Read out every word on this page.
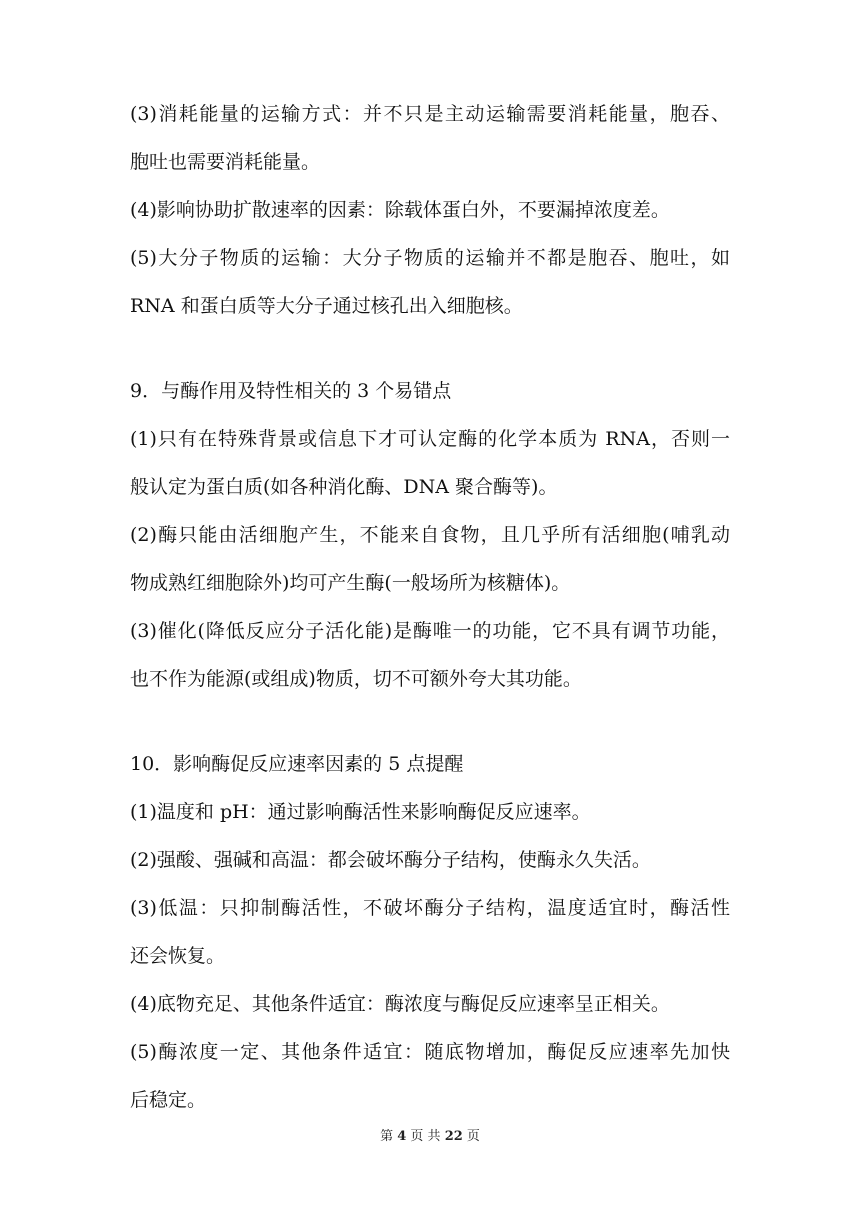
(3)消耗能量的运输方式：并不只是主动运输需要消耗能量，胞吞、

胞吐也需要消耗能量。

(4)影响协助扩散速率的因素：除载体蛋白外，不要漏掉浓度差。

(5)大分子物质的运输：大分子物质的运输并不都是胞吞、胞吐，如

RNA 和蛋白质等大分子通过核孔出入细胞核。

9．与酶作用及特性相关的 3 个易错点

(1)只有在特殊背景或信息下才可认定酶的化学本质为 RNA，否则一

般认定为蛋白质(如各种消化酶、DNA 聚合酶等)。

(2)酶只能由活细胞产生，不能来自食物，且几乎所有活细胞(哺乳动

物成熟红细胞除外)均可产生酶(一般场所为核糖体)。

(3)催化(降低反应分子活化能)是酶唯一的功能，它不具有调节功能，

也不作为能源(或组成)物质，切不可额外夸大其功能。

10．影响酶促反应速率因素的 5 点提醒

(1)温度和 pH：通过影响酶活性来影响酶促反应速率。

(2)强酸、强碱和高温：都会破坏酶分子结构，使酶永久失活。

(3)低温：只抑制酶活性，不破坏酶分子结构，温度适宜时，酶活性

还会恢复。

(4)底物充足、其他条件适宜：酶浓度与酶促反应速率呈正相关。

(5)酶浓度一定、其他条件适宜：随底物增加，酶促反应速率先加快

后稳定。

第 4 页 共 22 页
